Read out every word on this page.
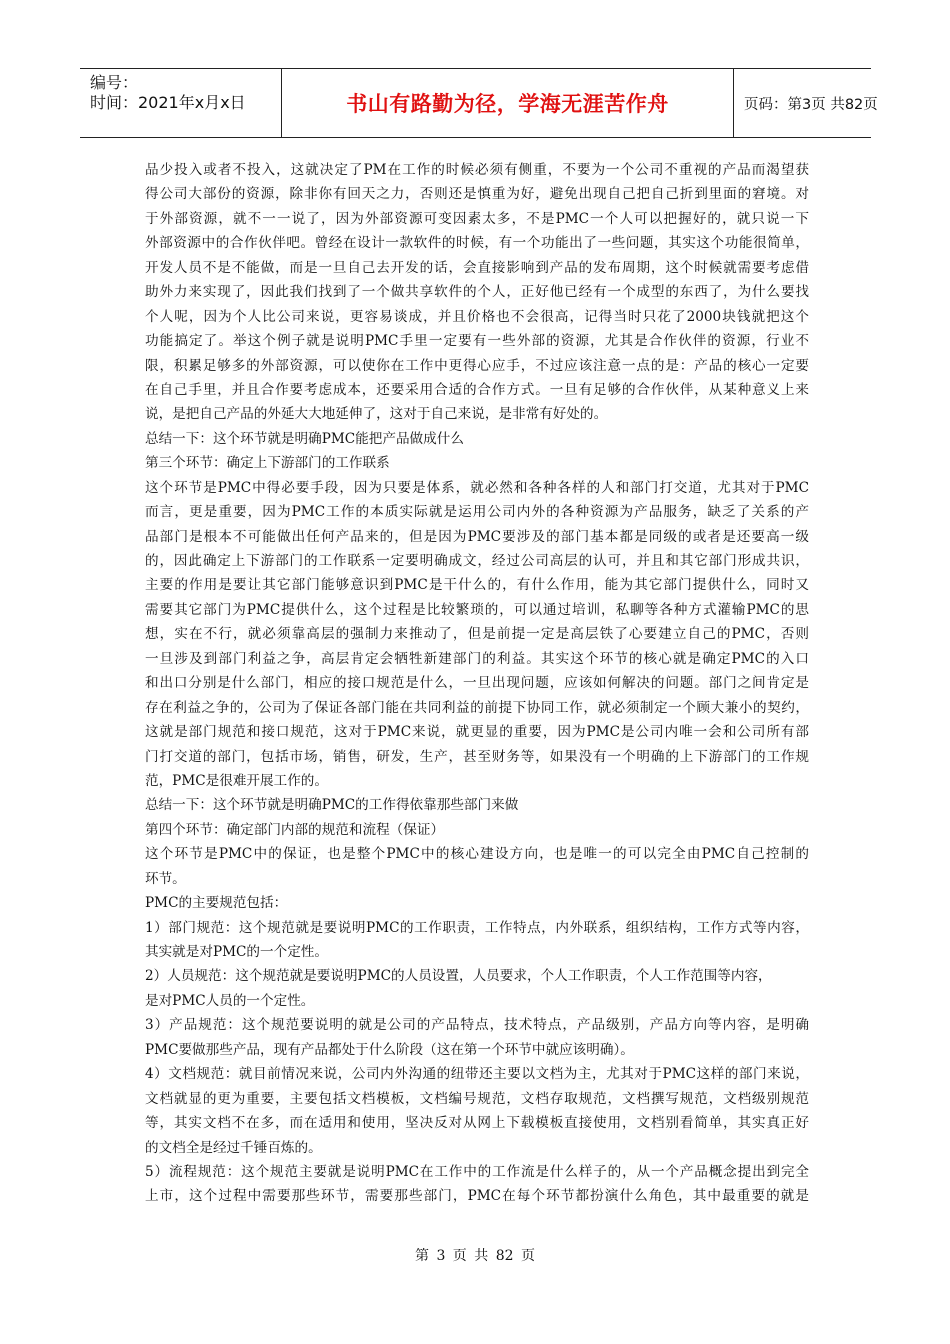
编号：
时间：2021年x月x日	书山有路勤为径，学海无涯苦作舟	页码：第3页 共82页
品少投入或者不投入，这就决定了PM在工作的时候必须有侧重，不要为一个公司不重视的产品而渴望获
得公司大部份的资源，除非你有回天之力，否则还是慎重为好，避免出现自己把自己折到里面的窘境。对
于外部资源，就不一一说了，因为外部资源可变因素太多，不是PMC一个人可以把握好的，就只说一下
外部资源中的合作伙伴吧。曾经在设计一款软件的时候，有一个功能出了一些问题，其实这个功能很简单，
开发人员不是不能做，而是一旦自己去开发的话，会直接影响到产品的发布周期，这个时候就需要考虑借
助外力来实现了，因此我们找到了一个做共享软件的个人，正好他已经有一个成型的东西了，为什么要找
个人呢，因为个人比公司来说，更容易谈成，并且价格也不会很高，记得当时只花了2000块钱就把这个
功能搞定了。举这个例子就是说明PMC手里一定要有一些外部的资源，尤其是合作伙伴的资源，行业不
限，积累足够多的外部资源，可以使你在工作中更得心应手，不过应该注意一点的是：产品的核心一定要
在自己手里，并且合作要考虑成本，还要采用合适的合作方式。一旦有足够的合作伙伴，从某种意义上来
说，是把自己产品的外延大大地延伸了，这对于自己来说，是非常有好处的。
总结一下：这个环节就是明确PMC能把产品做成什么
第三个环节：确定上下游部门的工作联系
这个环节是PMC中得必要手段，因为只要是体系，就必然和各种各样的人和部门打交道，尤其对于PMC
而言，更是重要，因为PMC工作的本质实际就是运用公司内外的各种资源为产品服务，缺乏了关系的产
品部门是根本不可能做出任何产品来的，但是因为PMC要涉及的部门基本都是同级的或者是还要高一级
的，因此确定上下游部门的工作联系一定要明确成文，经过公司高层的认可，并且和其它部门形成共识，
主要的作用是要让其它部门能够意识到PMC是干什么的，有什么作用，能为其它部门提供什么，同时又
需要其它部门为PMC提供什么，这个过程是比较繁琐的，可以通过培训，私聊等各种方式灌输PMC的思
想，实在不行，就必须靠高层的强制力来推动了，但是前提一定是高层铁了心要建立自己的PMC，否则
一旦涉及到部门利益之争，高层肯定会牺牲新建部门的利益。其实这个环节的核心就是确定PMC的入口
和出口分别是什么部门，相应的接口规范是什么，一旦出现问题，应该如何解决的问题。部门之间肯定是
存在利益之争的，公司为了保证各部门能在共同利益的前提下协同工作，就必须制定一个顾大兼小的契约，
这就是部门规范和接口规范，这对于PMC来说，就更显的重要，因为PMC是公司内唯一会和公司所有部
门打交道的部门，包括市场，销售，研发，生产，甚至财务等，如果没有一个明确的上下游部门的工作规
范，PMC是很难开展工作的。
总结一下：这个环节就是明确PMC的工作得依靠那些部门来做
第四个环节：确定部门内部的规范和流程（保证）
这个环节是PMC中的保证，也是整个PMC中的核心建设方向，也是唯一的可以完全由PMC自己控制的
环节。
PMC的主要规范包括：
1）部门规范：这个规范就是要说明PMC的工作职责，工作特点，内外联系，组织结构，工作方式等内容，
其实就是对PMC的一个定性。
2）人员规范：这个规范就是要说明PMC的人员设置，人员要求，个人工作职责，个人工作范围等内容，
是对PMC人员的一个定性。
3）产品规范：这个规范要说明的就是公司的产品特点，技术特点，产品级别，产品方向等内容，是明确
PMC要做那些产品，现有产品都处于什么阶段（这在第一个环节中就应该明确）。
4）文档规范：就目前情况来说，公司内外沟通的纽带还主要以文档为主，尤其对于PMC这样的部门来说，
文档就显的更为重要，主要包括文档模板，文档编号规范，文档存取规范，文档撰写规范，文档级别规范
等，其实文档不在多，而在适用和使用，坚决反对从网上下载模板直接使用，文档别看简单，其实真正好
的文档全是经过千锤百炼的。
5）流程规范：这个规范主要就是说明PMC在工作中的工作流是什么样子的，从一个产品概念提出到完全
上市，这个过程中需要那些环节，需要那些部门，PMC在每个环节都扮演什么角色，其中最重要的就是
第 3 页 共 82 页
